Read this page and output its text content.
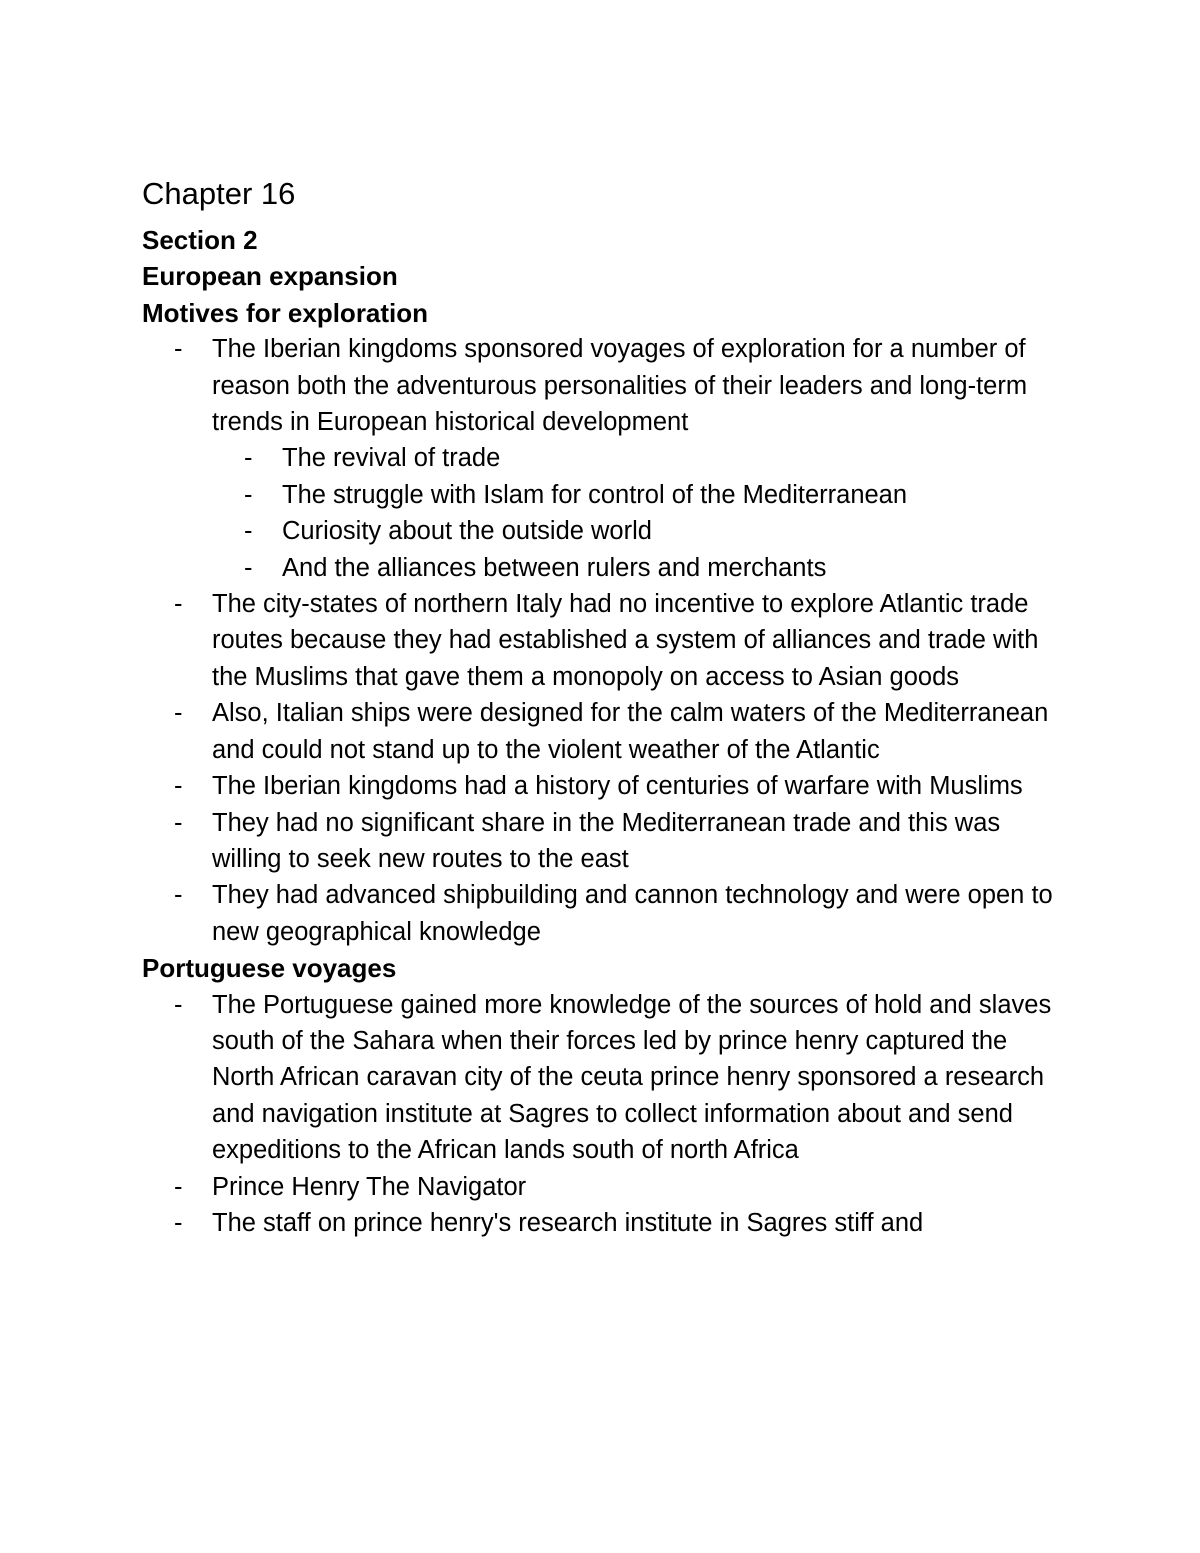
Chapter 16
Section 2
European expansion
Motives for exploration
- The Iberian kingdoms sponsored voyages of exploration for a number of reason both the adventurous personalities of their leaders and long-term trends in European historical development
- The revival of trade
- The struggle with Islam for control of the Mediterranean
- Curiosity about the outside world
- And the alliances between rulers and merchants
- The city-states of northern Italy had no incentive to explore Atlantic trade routes because they had established a system of alliances and trade with the Muslims that gave them a monopoly on access to Asian goods
- Also, Italian ships were designed for the calm waters of the Mediterranean and could not stand up to the violent weather of the Atlantic
- The Iberian kingdoms had a history of centuries of warfare with Muslims
- They had no significant share in the Mediterranean trade and this was willing to seek new routes to the east
- They had advanced shipbuilding and cannon technology and were open to new geographical knowledge
Portuguese voyages
- The Portuguese gained more knowledge of the sources of hold and slaves south of the Sahara when their forces led by prince henry captured the North African caravan city of the ceuta prince henry sponsored a research and navigation institute at Sagres to collect information about and send expeditions to the African lands south of north Africa
- Prince Henry The Navigator
- The staff on prince henry's research institute in Sagres stiff and
